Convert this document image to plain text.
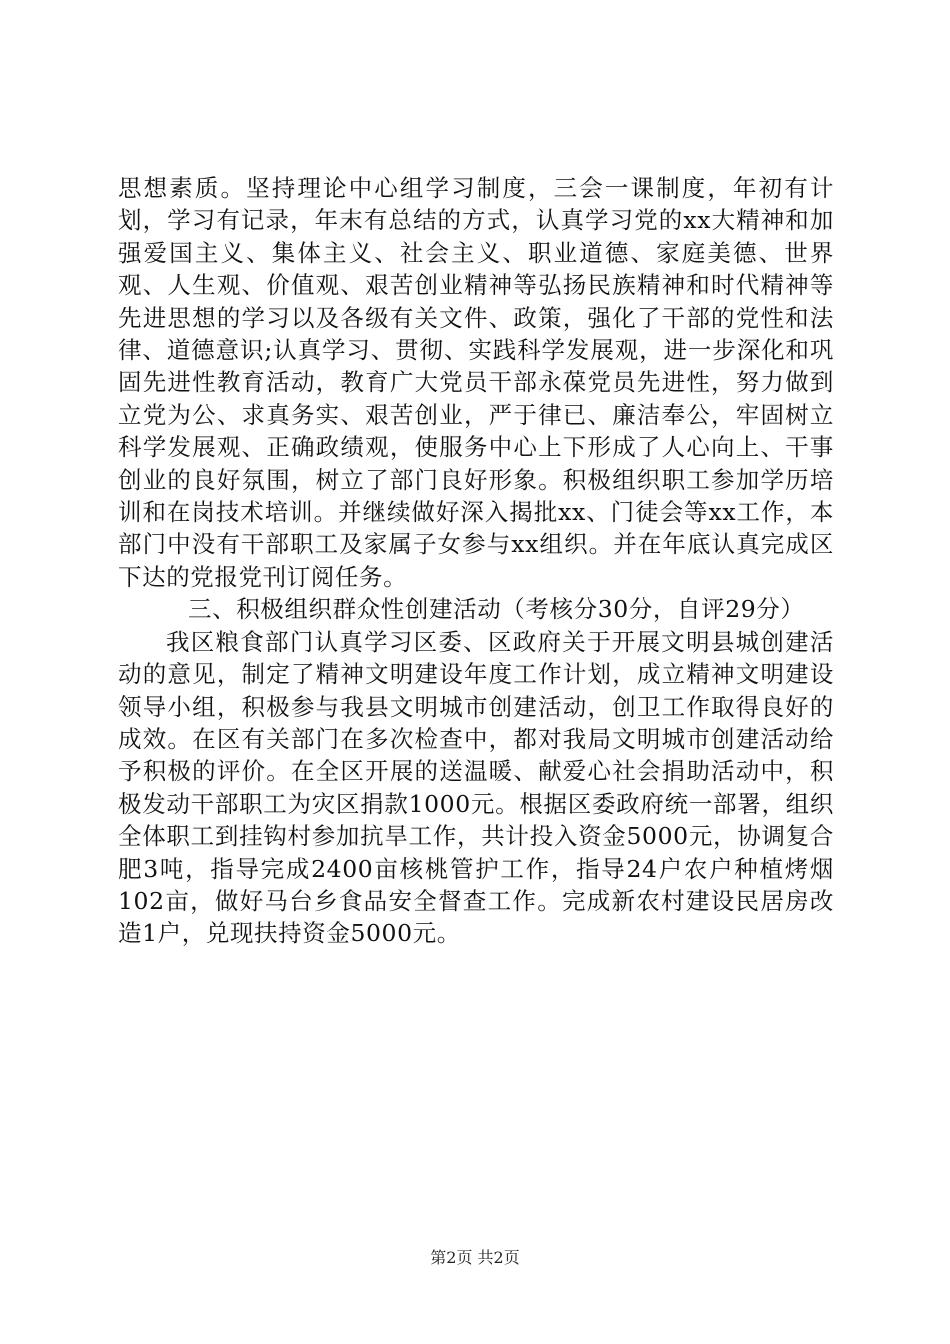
思想素质。坚持理论中心组学习制度，三会一课制度，年初有计划，学习有记录，年末有总结的方式，认真学习党的xx大精神和加强爱国主义、集体主义、社会主义、职业道德、家庭美德、世界观、人生观、价值观、艰苦创业精神等弘扬民族精神和时代精神等先进思想的学习以及各级有关文件、政策，强化了干部的党性和法律、道德意识;认真学习、贯彻、实践科学发展观，进一步深化和巩固先进性教育活动，教育广大党员干部永葆党员先进性，努力做到立党为公、求真务实、艰苦创业，严于律已、廉洁奉公，牢固树立科学发展观、正确政绩观，使服务中心上下形成了人心向上、干事创业的良好氛围，树立了部门良好形象。积极组织职工参加学历培训和在岗技术培训。并继续做好深入揭批xx、门徒会等xx工作，本部门中没有干部职工及家属子女参与xx组织。并在年底认真完成区下达的党报党刊订阅任务。

三、积极组织群众性创建活动（考核分30分，自评29分）

我区粮食部门认真学习区委、区政府关于开展文明县城创建活动的意见，制定了精神文明建设年度工作计划，成立精神文明建设领导小组，积极参与我县文明城市创建活动，创卫工作取得良好的成效。在区有关部门在多次检查中，都对我局文明城市创建活动给予积极的评价。在全区开展的送温暖、献爱心社会捐助活动中，积极发动干部职工为灾区捐款1000元。根据区委政府统一部署，组织全体职工到挂钩村参加抗旱工作，共计投入资金5000元，协调复合肥3吨，指导完成2400亩核桃管护工作，指导24户农户种植烤烟102亩，做好马台乡食品安全督查工作。完成新农村建设民居房改造1户，兑现扶持资金5000元。

第2页 共2页
